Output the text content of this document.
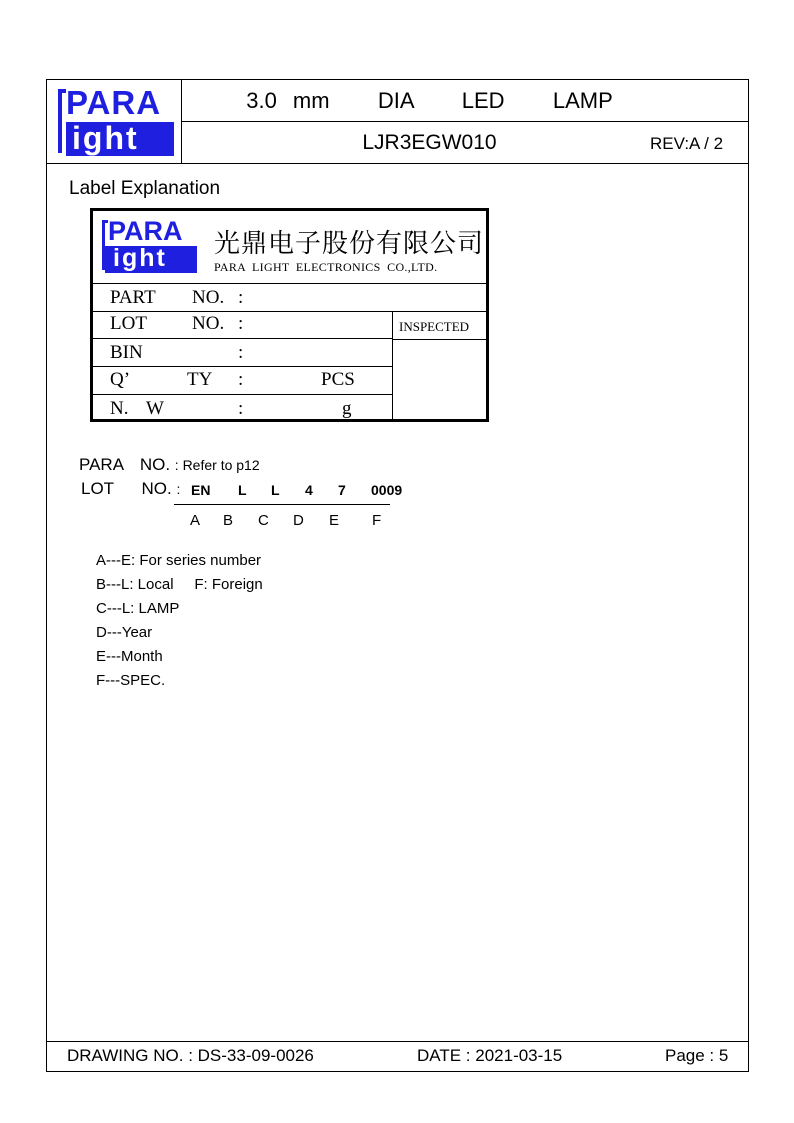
PARA
ight
3.0 mm   DIA   LED   LAMP
LJR3EGW010	REV:A / 2
Label Explanation
PARA
ight 光鼎电子股份有限公司
PARA  LIGHT  ELECTRONICS  CO.,LTD.
PART NO. :
LOT NO. :	INSPECTED
BIN	:
Q’	TY :	PCS
N. W	:	g
PARA NO. : Refer to p12
LOT NO. : EN L L 4 7 0009
A B C D E F
A---E: For series number
B---L: Local     F: Foreign
C---L: LAMP
D---Year
E---Month
F---SPEC.
DRAWING NO. : DS-33-09-0026	DATE : 2021-03-15	Page : 5
